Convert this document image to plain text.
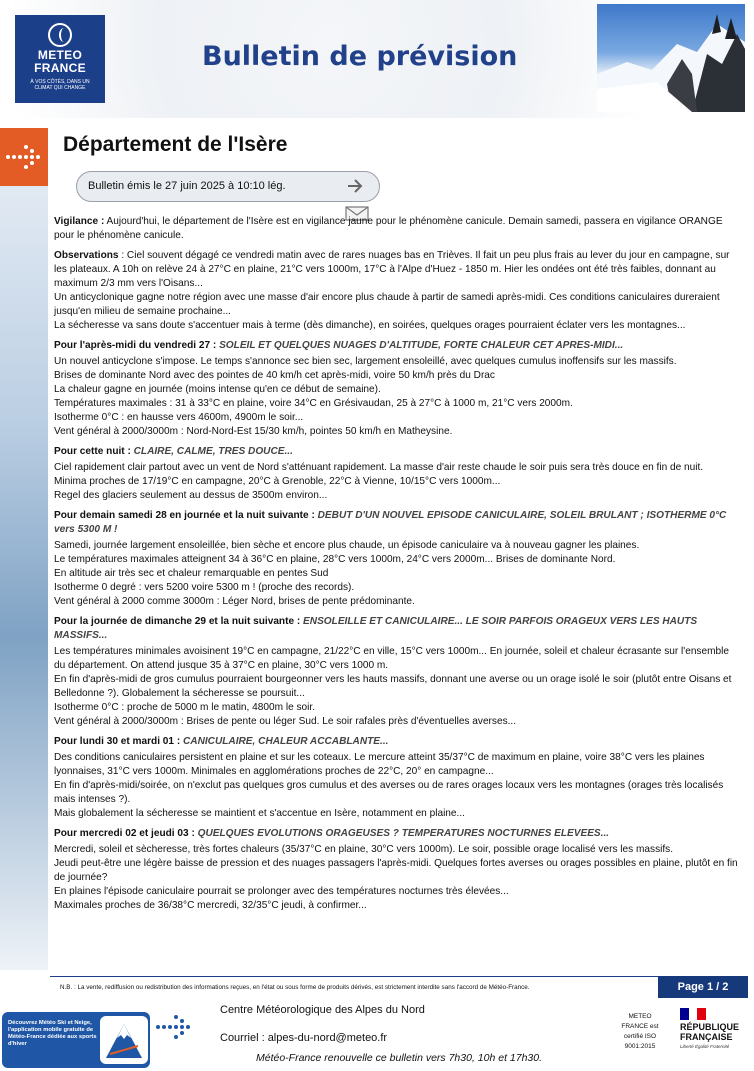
METEO
FRANCE
À VOS CÔTÉS, DANS UN CLIMAT QUI CHANGE
Bulletin de prévision
Département de l'Isère
Bulletin émis le 27 juin 2025 à 10:10 lég.

Vigilance : Aujourd'hui, le département de l'Isère est en vigilance jaune pour le phénomène canicule. Demain samedi, passera en vigilance ORANGE pour le phénomène canicule.

Observations : Ciel souvent dégagé ce vendredi matin avec de rares nuages bas en Trièves. Il fait un peu plus frais au lever du jour en campagne, sur les plateaux. A 10h on relève 24 à 27°C en plaine, 21°C vers 1000m, 17°C à l'Alpe d'Huez - 1850 m. Hier les ondées ont été très faibles, donnant au maximum 2/3 mm vers l'Oisans...
Un anticyclonique gagne notre région avec une masse d'air encore plus chaude à partir de samedi après-midi. Ces conditions caniculaires dureraient jusqu'en milieu de semaine prochaine...
La sécheresse va sans doute s'accentuer mais à terme (dès dimanche), en soirées, quelques orages pourraient éclater vers les montagnes...

Pour l'après-midi du vendredi 27 : SOLEIL ET QUELQUES NUAGES D'ALTITUDE, FORTE CHALEUR CET APRES-MIDI...
Un nouvel anticyclone s'impose. Le temps s'annonce sec bien sec, largement ensoleillé, avec quelques cumulus inoffensifs sur les massifs.
Brises de dominante Nord avec des pointes de 40 km/h cet après-midi, voire 50 km/h près du Drac
La chaleur gagne en journée (moins intense qu'en ce début de semaine).
Températures maximales : 31 à 33°C en plaine, voire 34°C en Grésivaudan, 25 à 27°C à 1000 m, 21°C vers 2000m.
Isotherme 0°C : en hausse vers 4600m, 4900m le soir...
Vent général à 2000/3000m : Nord-Nord-Est 15/30 km/h, pointes 50 km/h en Matheysine.
Pour cette nuit : CLAIRE, CALME, TRES DOUCE...
Ciel rapidement clair partout avec un vent de Nord s'atténuant rapidement. La masse d'air reste chaude le soir puis sera très douce en fin de nuit.
Minima proches de 17/19°C en campagne, 20°C à Grenoble, 22°C à Vienne, 10/15°C vers 1000m...
Regel des glaciers seulement au dessus de 3500m environ...
Pour demain samedi 28 en journée et la nuit suivante : DEBUT D'UN NOUVEL EPISODE CANICULAIRE, SOLEIL BRULANT ; ISOTHERME 0°C vers 5300 M !
Samedi, journée largement ensoleillée, bien sèche et encore plus chaude, un épisode caniculaire va à nouveau gagner les plaines.
Le températures maximales atteignent 34 à 36°C en plaine, 28°C vers 1000m, 24°C vers 2000m... Brises de dominante Nord.
En altitude air très sec et chaleur remarquable en pentes Sud
Isotherme 0 degré : vers 5200 voire 5300 m ! (proche des records).
Vent général à 2000 comme 3000m : Léger Nord, brises de pente prédominante.
Pour la journée de dimanche 29 et la nuit suivante : ENSOLEILLE ET CANICULAIRE... LE SOIR PARFOIS ORAGEUX VERS LES HAUTS MASSIFS...
Les températures minimales avoisinent 19°C en campagne, 21/22°C en ville, 15°C vers 1000m... En journée, soleil et chaleur écrasante sur l'ensemble du département. On attend jusque 35 à 37°C en plaine, 30°C vers 1000 m.
En fin d'après-midi de gros cumulus pourraient bourgeonner vers les hauts massifs, donnant une averse ou un orage isolé le soir (plutôt entre Oisans et Belledonne ?). Globalement la sécheresse se poursuit...
Isotherme 0°C : proche de 5000 m le matin, 4800m le soir.
Vent général à 2000/3000m : Brises de pente ou léger Sud. Le soir rafales près d'éventuelles averses...
Pour lundi 30 et mardi 01 : CANICULAIRE, CHALEUR ACCABLANTE...
Des conditions caniculaires persistent en plaine et sur les coteaux. Le mercure atteint 35/37°C de maximum en plaine, voire 38°C vers les plaines lyonnaises, 31°C vers 1000m. Minimales en agglomérations proches de 22°C, 20° en campagne...
En fin d'après-midi/soirée, on n'exclut pas quelques gros cumulus et des averses ou de rares orages locaux vers les montagnes (orages très localisés mais intenses ?).
Mais globalement la sécheresse se maintient et s'accentue en Isère, notamment en plaine...
Pour mercredi 02 et jeudi 03 : QUELQUES EVOLUTIONS ORAGEUSES ? TEMPERATURES NOCTURNES ELEVEES...
Mercredi, soleil et sècheresse, très fortes chaleurs (35/37°C en plaine, 30°C vers 1000m). Le soir, possible orage localisé vers les massifs.
Jeudi peut-être une légère baisse de pression et des nuages passagers l'après-midi. Quelques fortes averses ou orages possibles en plaine, plutôt en fin de journée?
En plaines l'épisode caniculaire pourrait se prolonger avec des températures nocturnes très élevées...
Maximales proches de 36/38°C mercredi, 32/35°C jeudi, à confirmer...
N.B. : La vente, rediffusion ou redistribution des informations reçues, en l'état ou sous forme de produits dérivés, est strictement interdite sans l'accord de Météo-France.	Page 1 / 2
Découvrez Météo Ski et Neige, l'application mobile gratuite de Météo-France dédiée aux sports d'hiver
Centre Météorologique des Alpes du Nord
Courriel : alpes-du-nord@meteo.fr
Météo-France renouvelle ce bulletin vers 7h30, 10h et 17h30.
METEO FRANCE est certifié ISO 9001:2015
RÉPUBLIQUE
FRANÇAISE
Liberté Égalité Fraternité
